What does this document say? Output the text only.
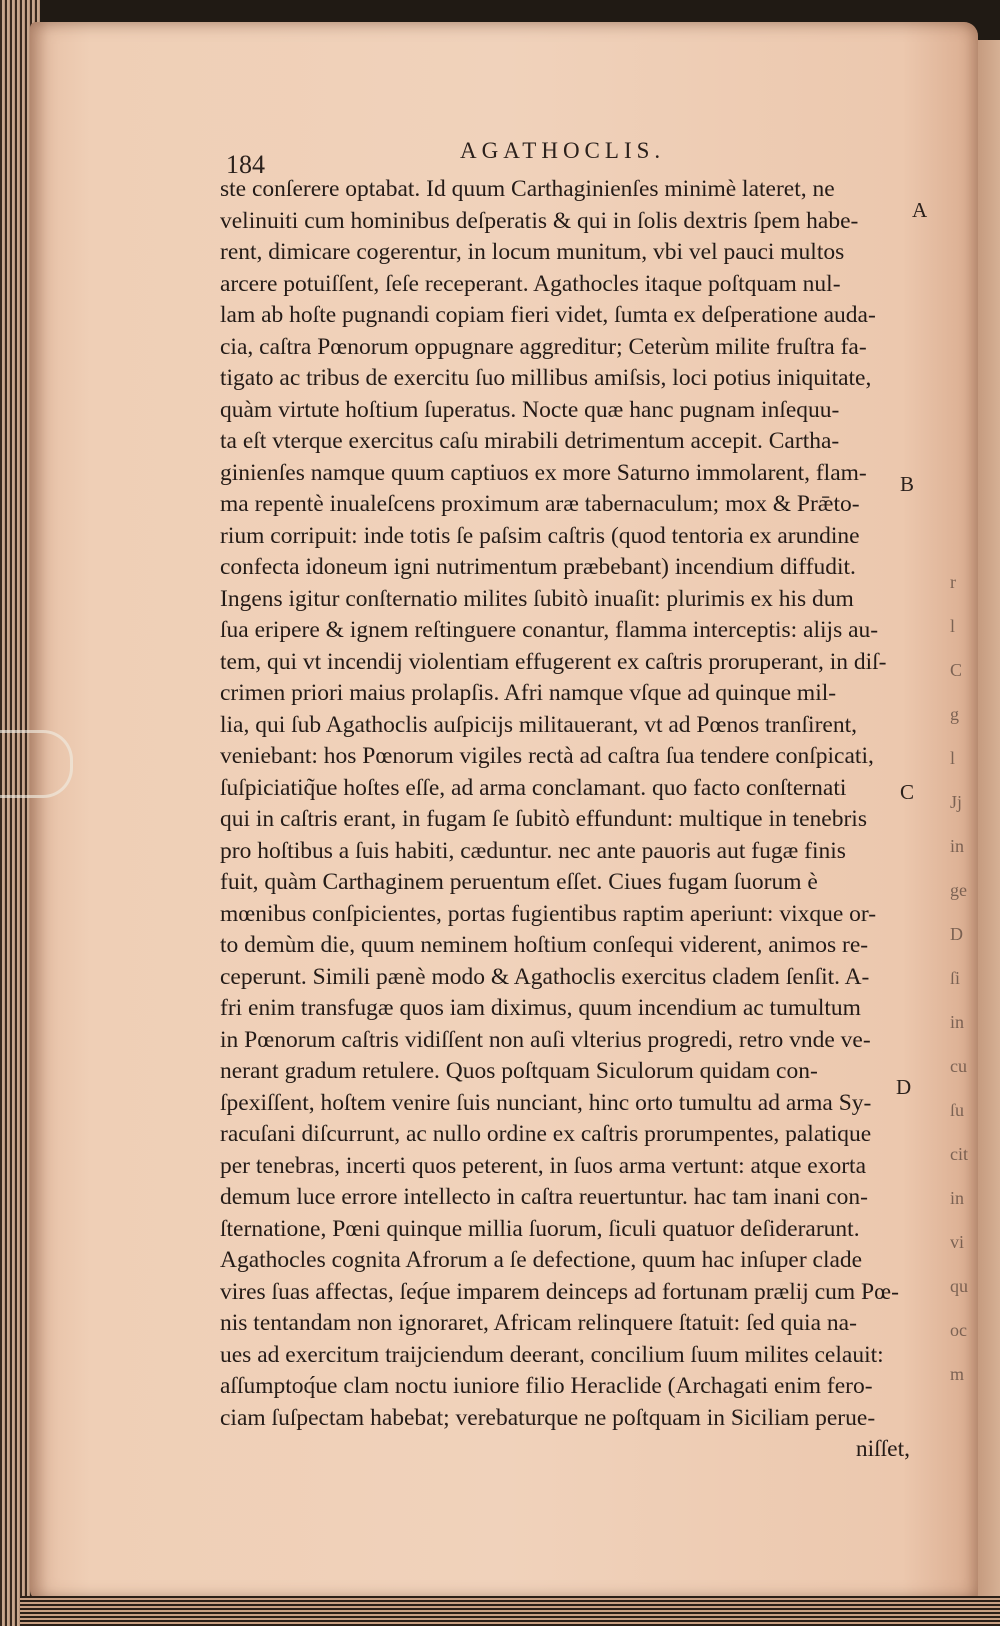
184	AGATHOCLIS.
ste conſerere optabat. Id quum Carthaginienſes minimè lateret, ne
velinuiti cum hominibus deſperatis & qui in ſolis dextris ſpem habe-
rent, dimicare cogerentur, in locum munitum, vbi vel pauci multos
arcere potuiſſent, ſeſe receperant. Agathocles itaque poſtquam nul-
lam ab hoſte pugnandi copiam fieri videt, ſumta ex deſperatione auda-
cia, caſtra Pœnorum oppugnare aggreditur; Ceterùm milite fruſtra fa-
tigato ac tribus de exercitu ſuo millibus amiſsis, loci potius iniquitate,
quàm virtute hoſtium ſuperatus. Nocte quæ hanc pugnam inſequu-
ta eſt vterque exercitus caſu mirabili detrimentum accepit. Cartha-
ginienſes namque quum captiuos ex more Saturno immolarent, flam-
ma repentè inualeſcens proximum aræ tabernaculum; mox & Prǣto-
rium corripuit: inde totis ſe paſsim caſtris (quod tentoria ex arundine
confecta idoneum igni nutrimentum præbebant) incendium diffudit.
Ingens igitur conſternatio milites ſubitò inuaſit: plurimis ex his dum
ſua eripere & ignem reſtinguere conantur, flamma interceptis: alijs au-
tem, qui vt incendij violentiam effugerent ex caſtris proruperant, in diſ-
crimen priori maius prolapſis. Afri namque vſque ad quinque mil-
lia, qui ſub Agathoclis auſpicijs militauerant, vt ad Pœnos tranſirent,
veniebant: hos Pœnorum vigiles rectà ad caſtra ſua tendere conſpicati,
ſuſpiciatiq̃ue hoſtes eſſe, ad arma conclamant. quo facto conſternati
qui in caſtris erant, in fugam ſe ſubitò effundunt: multique in tenebris
pro hoſtibus a ſuis habiti, cæduntur. nec ante pauoris aut fugæ finis
fuit, quàm Carthaginem peruentum eſſet. Ciues fugam ſuorum è
mœnibus conſpicientes, portas fugientibus raptim aperiunt: vixque or-
to demùm die, quum neminem hoſtium conſequi viderent, animos re-
ceperunt. Simili pænè modo & Agathoclis exercitus cladem ſenſit. A-
fri enim transfugæ quos iam diximus, quum incendium ac tumultum
in Pœnorum caſtris vidiſſent non auſi vlterius progredi, retro vnde ve-
nerant gradum retulere. Quos poſtquam Siculorum quidam con-
ſpexiſſent, hoſtem venire ſuis nunciant, hinc orto tumultu ad arma Sy-
racuſani diſcurrunt, ac nullo ordine ex caſtris prorumpentes, palatique
per tenebras, incerti quos peterent, in ſuos arma vertunt: atque exorta
demum luce errore intellecto in caſtra reuertuntur. hac tam inani con-
ſternatione, Pœni quinque millia ſuorum, ſiculi quatuor deſiderarunt.
Agathocles cognita Afrorum a ſe defectione, quum hac inſuper clade
vires ſuas affectas, ſeq́ue imparem deinceps ad fortunam prælij cum Pœ-
nis tentandam non ignoraret, Africam relinquere ſtatuit: ſed quia na-
ues ad exercitum traijciendum deerant, concilium ſuum milites celauit:
aſſumptoq́ue clam noctu iuniore filio Heraclide (Archagati enim fero-
ciam ſuſpectam habebat; verebaturque ne poſtquam in Siciliam perue-
niſſet,
A
B
C
D
r
l
C
g
l
Jj
in
ge
D ſi
in
cu
ſu
cit
in
vi
qu
oc
m
